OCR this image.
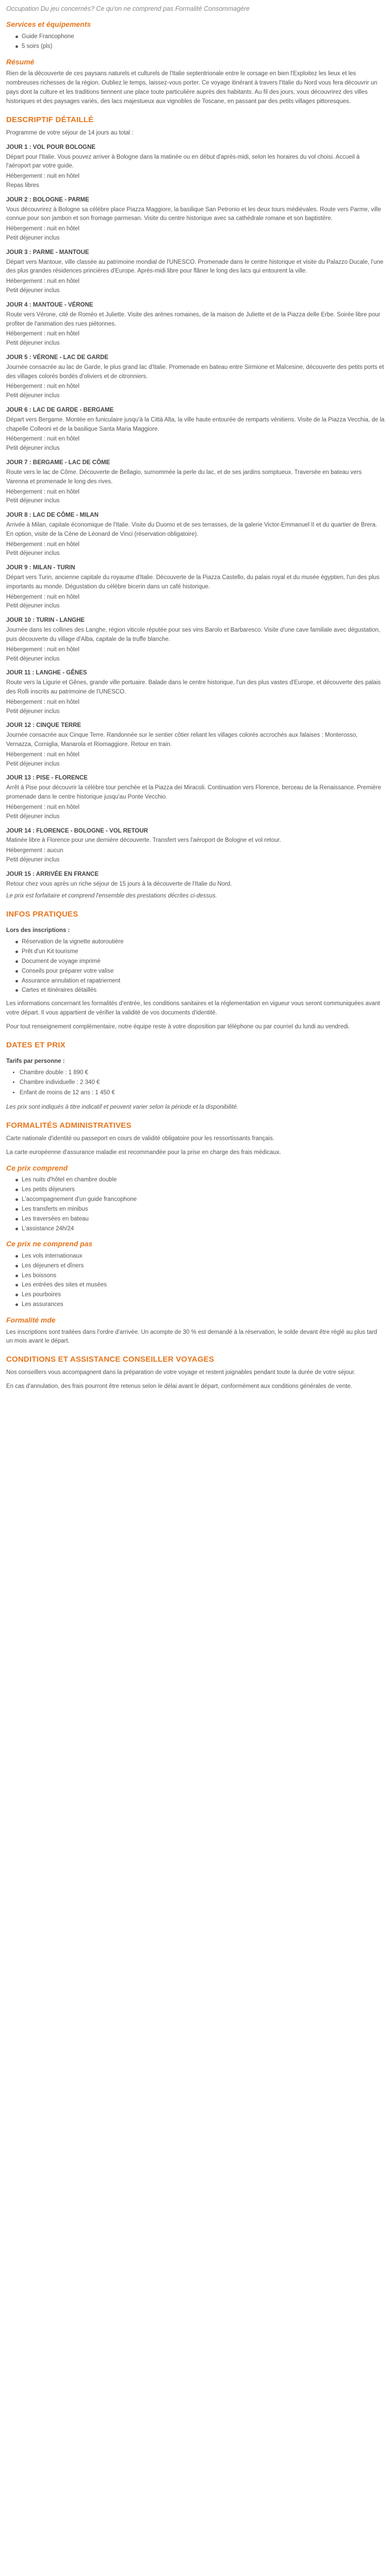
Occupation Du jeu concernés? Ce qu'on ne comprend pas Formalité Consommagère
Services et équipements
Guide Francophone
5 soirs (pls)
Résumé

Rien de la découverte de ces paysans naturels et culturels de l'Italie septentrionale entre le corsage en bien l'Exploitez les lieux et les nombreuses richesses de la région. Oubliez le temps, laissez-vous porter. Ce voyage itinérant à travers l'Italie du Nord vous fera découvrir un pays dont la culture et les traditions tiennent une place toute particulière auprès des habitants. Au fil des jours, vous découvrirez des villes historiques et des paysages variés, des lacs majestueux aux vignobles de Toscane, en passant par des petits villages pittoresques.

DESCRIPTIF DÉTAILLÉ

Programme de votre séjour de 14 jours au total :

JOUR 1 : VOL POUR BOLOGNE

Départ pour l'Italie. Vous pouvez arriver à Bologne dans la matinée ou en début d'après-midi, selon les horaires du vol choisi. Accueil à l'aéroport par votre guide.

Hébergement : nuit en hôtel

Repas libres

JOUR 2 : BOLOGNE - PARME

Vous découvrirez à Bologne sa célèbre place Piazza Maggiore, la basilique San Petronio et les deux tours médiévales. Route vers Parme, ville connue pour son jambon et son fromage parmesan. Visite du centre historique avec sa cathédrale romane et son baptistère.

Hébergement : nuit en hôtel

Petit déjeuner inclus

JOUR 3 : PARME - MANTOUE

Départ vers Mantoue, ville classée au patrimoine mondial de l'UNESCO. Promenade dans le centre historique et visite du Palazzo Ducale, l'une des plus grandes résidences princières d'Europe. Après-midi libre pour flâner le long des lacs qui entourent la ville.

Hébergement : nuit en hôtel

Petit déjeuner inclus

JOUR 4 : MANTOUE - VÉRONE

Route vers Vérone, cité de Roméo et Juliette. Visite des arènes romaines, de la maison de Juliette et de la Piazza delle Erbe. Soirée libre pour profiter de l'animation des rues piétonnes.

Hébergement : nuit en hôtel

Petit déjeuner inclus

JOUR 5 : VÉRONE - LAC DE GARDE

Journée consacrée au lac de Garde, le plus grand lac d'Italie. Promenade en bateau entre Sirmione et Malcesine, découverte des petits ports et des villages colorés bordés d'oliviers et de citronniers.

Hébergement : nuit en hôtel

Petit déjeuner inclus

JOUR 6 : LAC DE GARDE - BERGAME

Départ vers Bergame. Montée en funiculaire jusqu'à la Città Alta, la ville haute entourée de remparts vénitiens. Visite de la Piazza Vecchia, de la chapelle Colleoni et de la basilique Santa Maria Maggiore.

Hébergement : nuit en hôtel

Petit déjeuner inclus

JOUR 7 : BERGAME - LAC DE CÔME

Route vers le lac de Côme. Découverte de Bellagio, surnommée la perle du lac, et de ses jardins somptueux. Traversée en bateau vers Varenna et promenade le long des rives.

Hébergement : nuit en hôtel

Petit déjeuner inclus

JOUR 8 : LAC DE CÔME - MILAN

Arrivée à Milan, capitale économique de l'Italie. Visite du Duomo et de ses terrasses, de la galerie Victor-Emmanuel II et du quartier de Brera. En option, visite de la Cène de Léonard de Vinci (réservation obligatoire).

Hébergement : nuit en hôtel

Petit déjeuner inclus

JOUR 9 : MILAN - TURIN

Départ vers Turin, ancienne capitale du royaume d'Italie. Découverte de la Piazza Castello, du palais royal et du musée égyptien, l'un des plus importants au monde. Dégustation du célèbre bicerin dans un café historique.

Hébergement : nuit en hôtel

Petit déjeuner inclus

JOUR 10 : TURIN - LANGHE

Journée dans les collines des Langhe, région viticole réputée pour ses vins Barolo et Barbaresco. Visite d'une cave familiale avec dégustation, puis découverte du village d'Alba, capitale de la truffe blanche.

Hébergement : nuit en hôtel

Petit déjeuner inclus

JOUR 11 : LANGHE - GÊNES

Route vers la Ligurie et Gênes, grande ville portuaire. Balade dans le centre historique, l'un des plus vastes d'Europe, et découverte des palais des Rolli inscrits au patrimoine de l'UNESCO.

Hébergement : nuit en hôtel

Petit déjeuner inclus

JOUR 12 : CINQUE TERRE

Journée consacrée aux Cinque Terre. Randonnée sur le sentier côtier reliant les villages colorés accrochés aux falaises : Monterosso, Vernazza, Corniglia, Manarola et Riomaggiore. Retour en train.

Hébergement : nuit en hôtel

Petit déjeuner inclus

JOUR 13 : PISE - FLORENCE

Arrêt à Pise pour découvrir la célèbre tour penchée et la Piazza dei Miracoli. Continuation vers Florence, berceau de la Renaissance. Première promenade dans le centre historique jusqu'au Ponte Vecchio.

Hébergement : nuit en hôtel

Petit déjeuner inclus

JOUR 14 : FLORENCE - BOLOGNE - VOL RETOUR

Matinée libre à Florence pour une dernière découverte. Transfert vers l'aéroport de Bologne et vol retour.

Hébergement : aucun

Petit déjeuner inclus

JOUR 15 : ARRIVÉE EN FRANCE

Retour chez vous après un riche séjour de 15 jours à la découverte de l'Italie du Nord.

Le prix est forfaitaire et comprend l'ensemble des prestations décrites ci-dessus.

INFOS PRATIQUES
Lors des inscriptions :
Réservation de la vignette autoroutière
Prêt d'un Kit tourisme
Document de voyage imprimé
Conseils pour préparer votre valise
Assurance annulation et rapatriement
Cartes et itinéraires détaillés

Les informations concernant les formalités d'entrée, les conditions sanitaires et la réglementation en vigueur vous seront communiquées avant votre départ. Il vous appartient de vérifier la validité de vos documents d'identité.

Pour tout renseignement complémentaire, notre équipe reste à votre disposition par téléphone ou par courriel du lundi au vendredi.

DATES ET PRIX
Tarifs par personne :
• Chambre double : 1 890 €
• Chambre individuelle : 2 340 €
• Enfant de moins de 12 ans : 1 450 €

Les prix sont indiqués à titre indicatif et peuvent varier selon la période et la disponibilité.

FORMALITÉS ADMINISTRATIVES

Carte nationale d'identité ou passeport en cours de validité obligatoire pour les ressortissants français.

La carte européenne d'assurance maladie est recommandée pour la prise en charge des frais médicaux.

Ce prix comprend
Les nuits d'hôtel en chambre double
Les petits déjeuners
L'accompagnement d'un guide francophone
Les transferts en minibus
Les traversées en bateau
L'assistance 24h/24
Ce prix ne comprend pas
Les vols internationaux
Les déjeuners et dîners
Les boissons
Les entrées des sites et musées
Les pourboires
Les assurances
Formalité mde

Les inscriptions sont traitées dans l'ordre d'arrivée. Un acompte de 30 % est demandé à la réservation, le solde devant être réglé au plus tard un mois avant le départ.

CONDITIONS ET ASSISTANCE CONSEILLER VOYAGES

Nos conseillers vous accompagnent dans la préparation de votre voyage et restent joignables pendant toute la durée de votre séjour.

En cas d'annulation, des frais pourront être retenus selon le délai avant le départ, conformément aux conditions générales de vente.
